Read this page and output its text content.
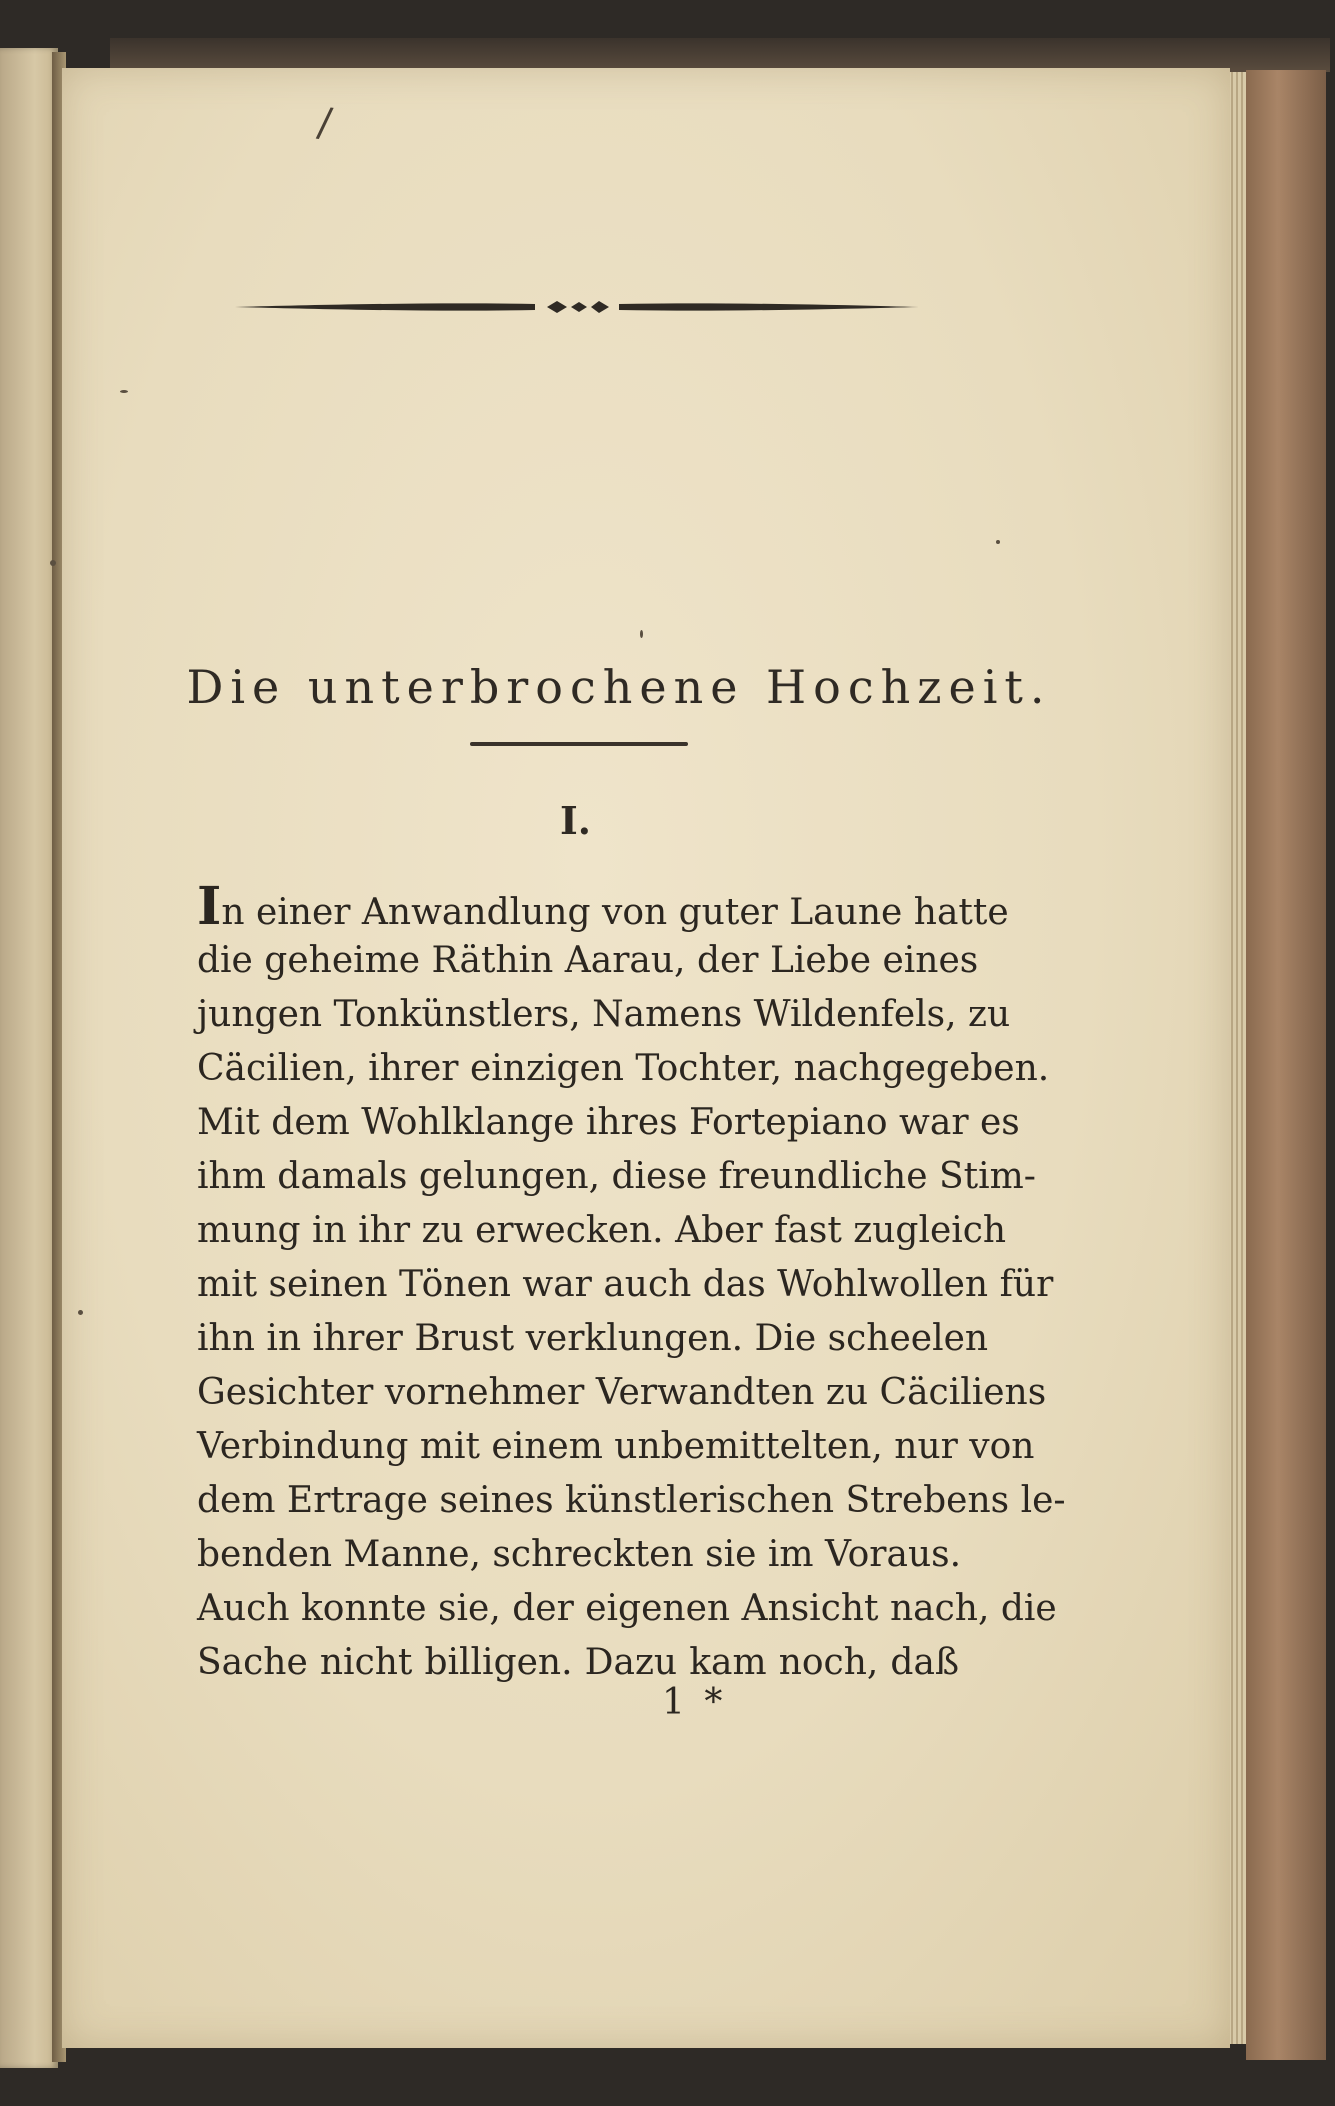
/
Die unterbrochene Hochzeit.
I.
In einer Anwandlung von guter Laune hatte
die geheime Räthin Aarau, der Liebe eines
jungen Tonkünstlers, Namens Wildenfels, zu
Cäcilien, ihrer einzigen Tochter, nachgegeben.
Mit dem Wohlklange ihres Fortepiano war es
ihm damals gelungen, diese freundliche Stim-
mung in ihr zu erwecken. Aber fast zugleich
mit seinen Tönen war auch das Wohlwollen für
ihn in ihrer Brust verklungen. Die scheelen
Gesichter vornehmer Verwandten zu Cäciliens
Verbindung mit einem unbemittelten, nur von
dem Ertrage seines künstlerischen Strebens le-
benden Manne, schreckten sie im Voraus.
Auch konnte sie, der eigenen Ansicht nach, die
Sache nicht billigen. Dazu kam noch, daß
1 *
